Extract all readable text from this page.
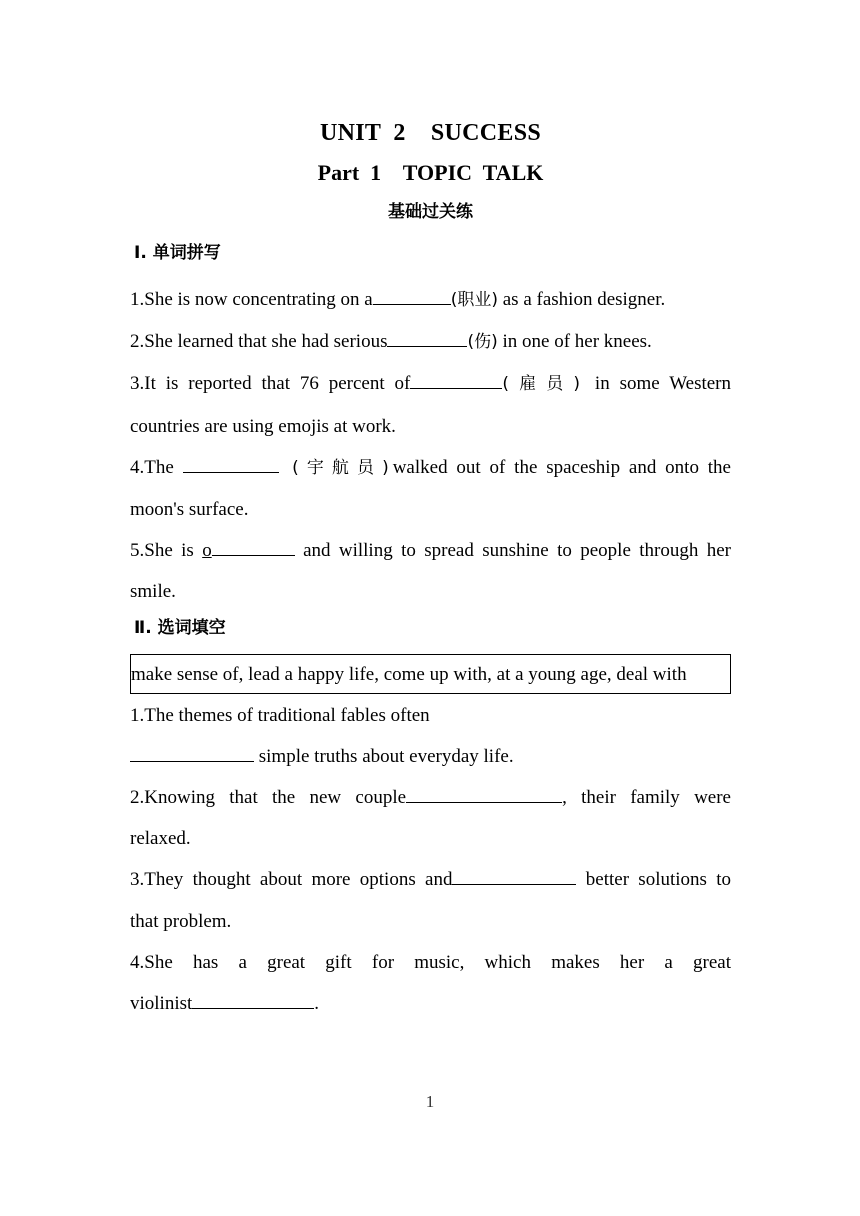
UNIT  2    SUCCESS
Part  1    TOPIC  TALK
基础过关练
Ⅰ. 单词拼写
1.She is now concentrating on a	(职业) as a fashion designer.
2.She learned that she had serious	(伤) in one of her knees.
3.It is reported that 76 percent of	(雇员) in some Western
countries are using emojis at work.
4.The	(宇航员)walked out of the spaceship and onto the
moon's surface.
5.She is o	and willing to spread sunshine to people through her
smile.
Ⅱ. 选词填空
make sense of, lead a happy life, come up with, at a young age, deal with
1.The themes of traditional fables often
simple truths about everyday life.
2.Knowing that the new couple	, their family were
relaxed.
3.They thought about more options and	better solutions to
that problem.
4.She has a great gift for music, which makes her a great
violinist	.
1
